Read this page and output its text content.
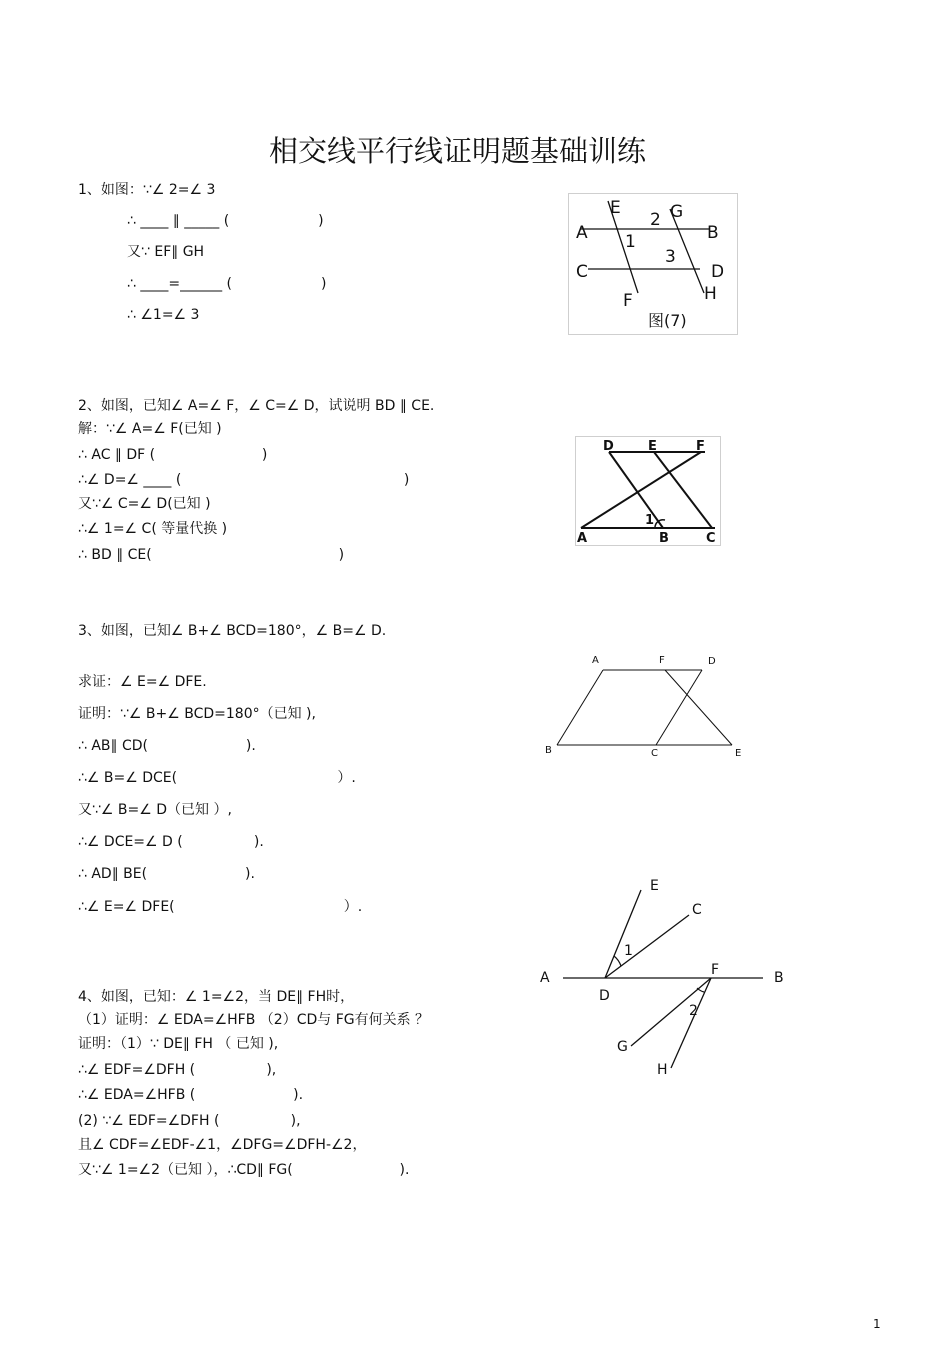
相交线平行线证明题基础训练
1、如图：∵∠ 2=∠ 3
∴ ____ ∥ _____ (                    )
又∵ EF∥ GH
∴ ____=______ (                    )
∴ ∠1=∠ 3
E
2 G
A 1	B
C
3
D
F	H
图(7)
2、如图，已知∠ A=∠ F，∠ C=∠ D，试说明 BD ∥ CE.
解：∵∠ A=∠ F(已知 )
∴ AC ∥ DF (                        )
∴∠ D=∠ ____ (                                                  )
又∵∠ C=∠ D(已知 )
∴∠ 1=∠ C( 等量代换 )
∴ BD ∥ CE(                                          )
D	E	F
1
A	B	C
3、如图，已知∠ B+∠ BCD=180°，∠ B=∠ D.
求证：∠ E=∠ DFE.
证明：∵∠ B+∠ BCD=180°（已知 ),
∴ AB∥ CD(                      ).
∴∠ B=∠ DCE(                                    ）.
又∵∠ B=∠ D（已知 ）,
∴∠ DCE=∠ D (                ).
∴ AD∥ BE(                      ).
∴∠ E=∠ DFE(                                      ）.
A	F	D
B	C	E
4、如图，已知：∠ 1=∠2，当 DE∥ FH时，
（1）证明：∠ EDA=∠HFB （2）CD与 FG有何关系 ？
证明：（1）∵ DE∥ FH （ 已知 ),
∴∠ EDF=∠DFH (                ),
∴∠ EDA=∠HFB (                      ).
(2) ∵∠ EDF=∠DFH (                ),
且∠ CDF=∠EDF-∠1，∠DFG=∠DFH-∠2，
又∵∠ 1=∠2（已知 ），∴CD∥ FG(                        ).
E
C
1
A	F	B
D
2
G
H
1
